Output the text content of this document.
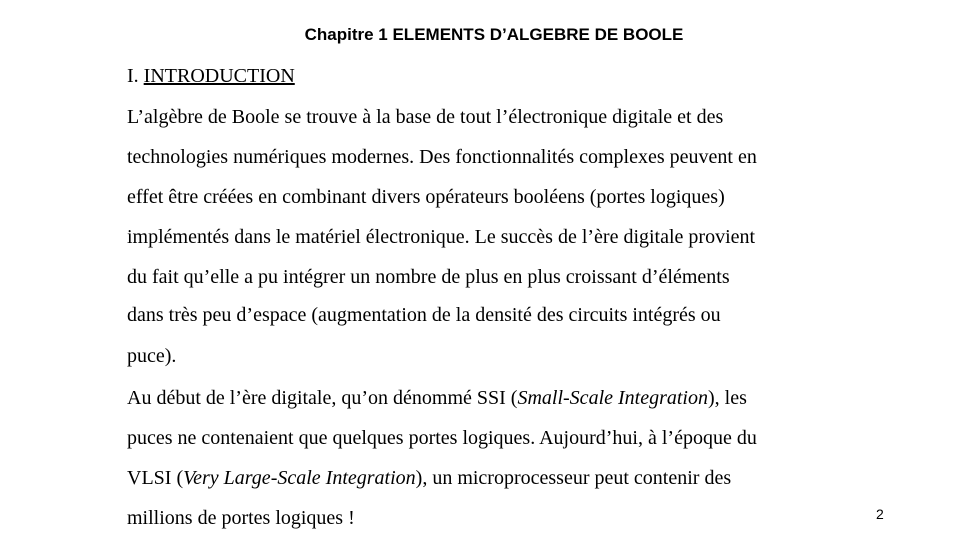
Chapitre 1 ELEMENTS D’ALGEBRE DE BOOLE
I. INTRODUCTION
L’algèbre de Boole se trouve à la base de tout l’électronique digitale et des
technologies numériques modernes. Des fonctionnalités complexes peuvent en
effet être créées en combinant divers opérateurs booléens (portes logiques)
implémentés dans le matériel électronique. Le succès de l’ère digitale provient
du fait qu’elle a pu intégrer un nombre de plus en plus croissant d’éléments
dans très peu d’espace (augmentation de la densité des circuits intégrés ou
puce).
Au début de l’ère digitale, qu’on dénommé SSI (Small-Scale Integration), les
puces ne contenaient que quelques portes logiques. Aujourd’hui, à l’époque du
VLSI (Very Large-Scale Integration), un microprocesseur peut contenir des
millions de portes logiques !	2
